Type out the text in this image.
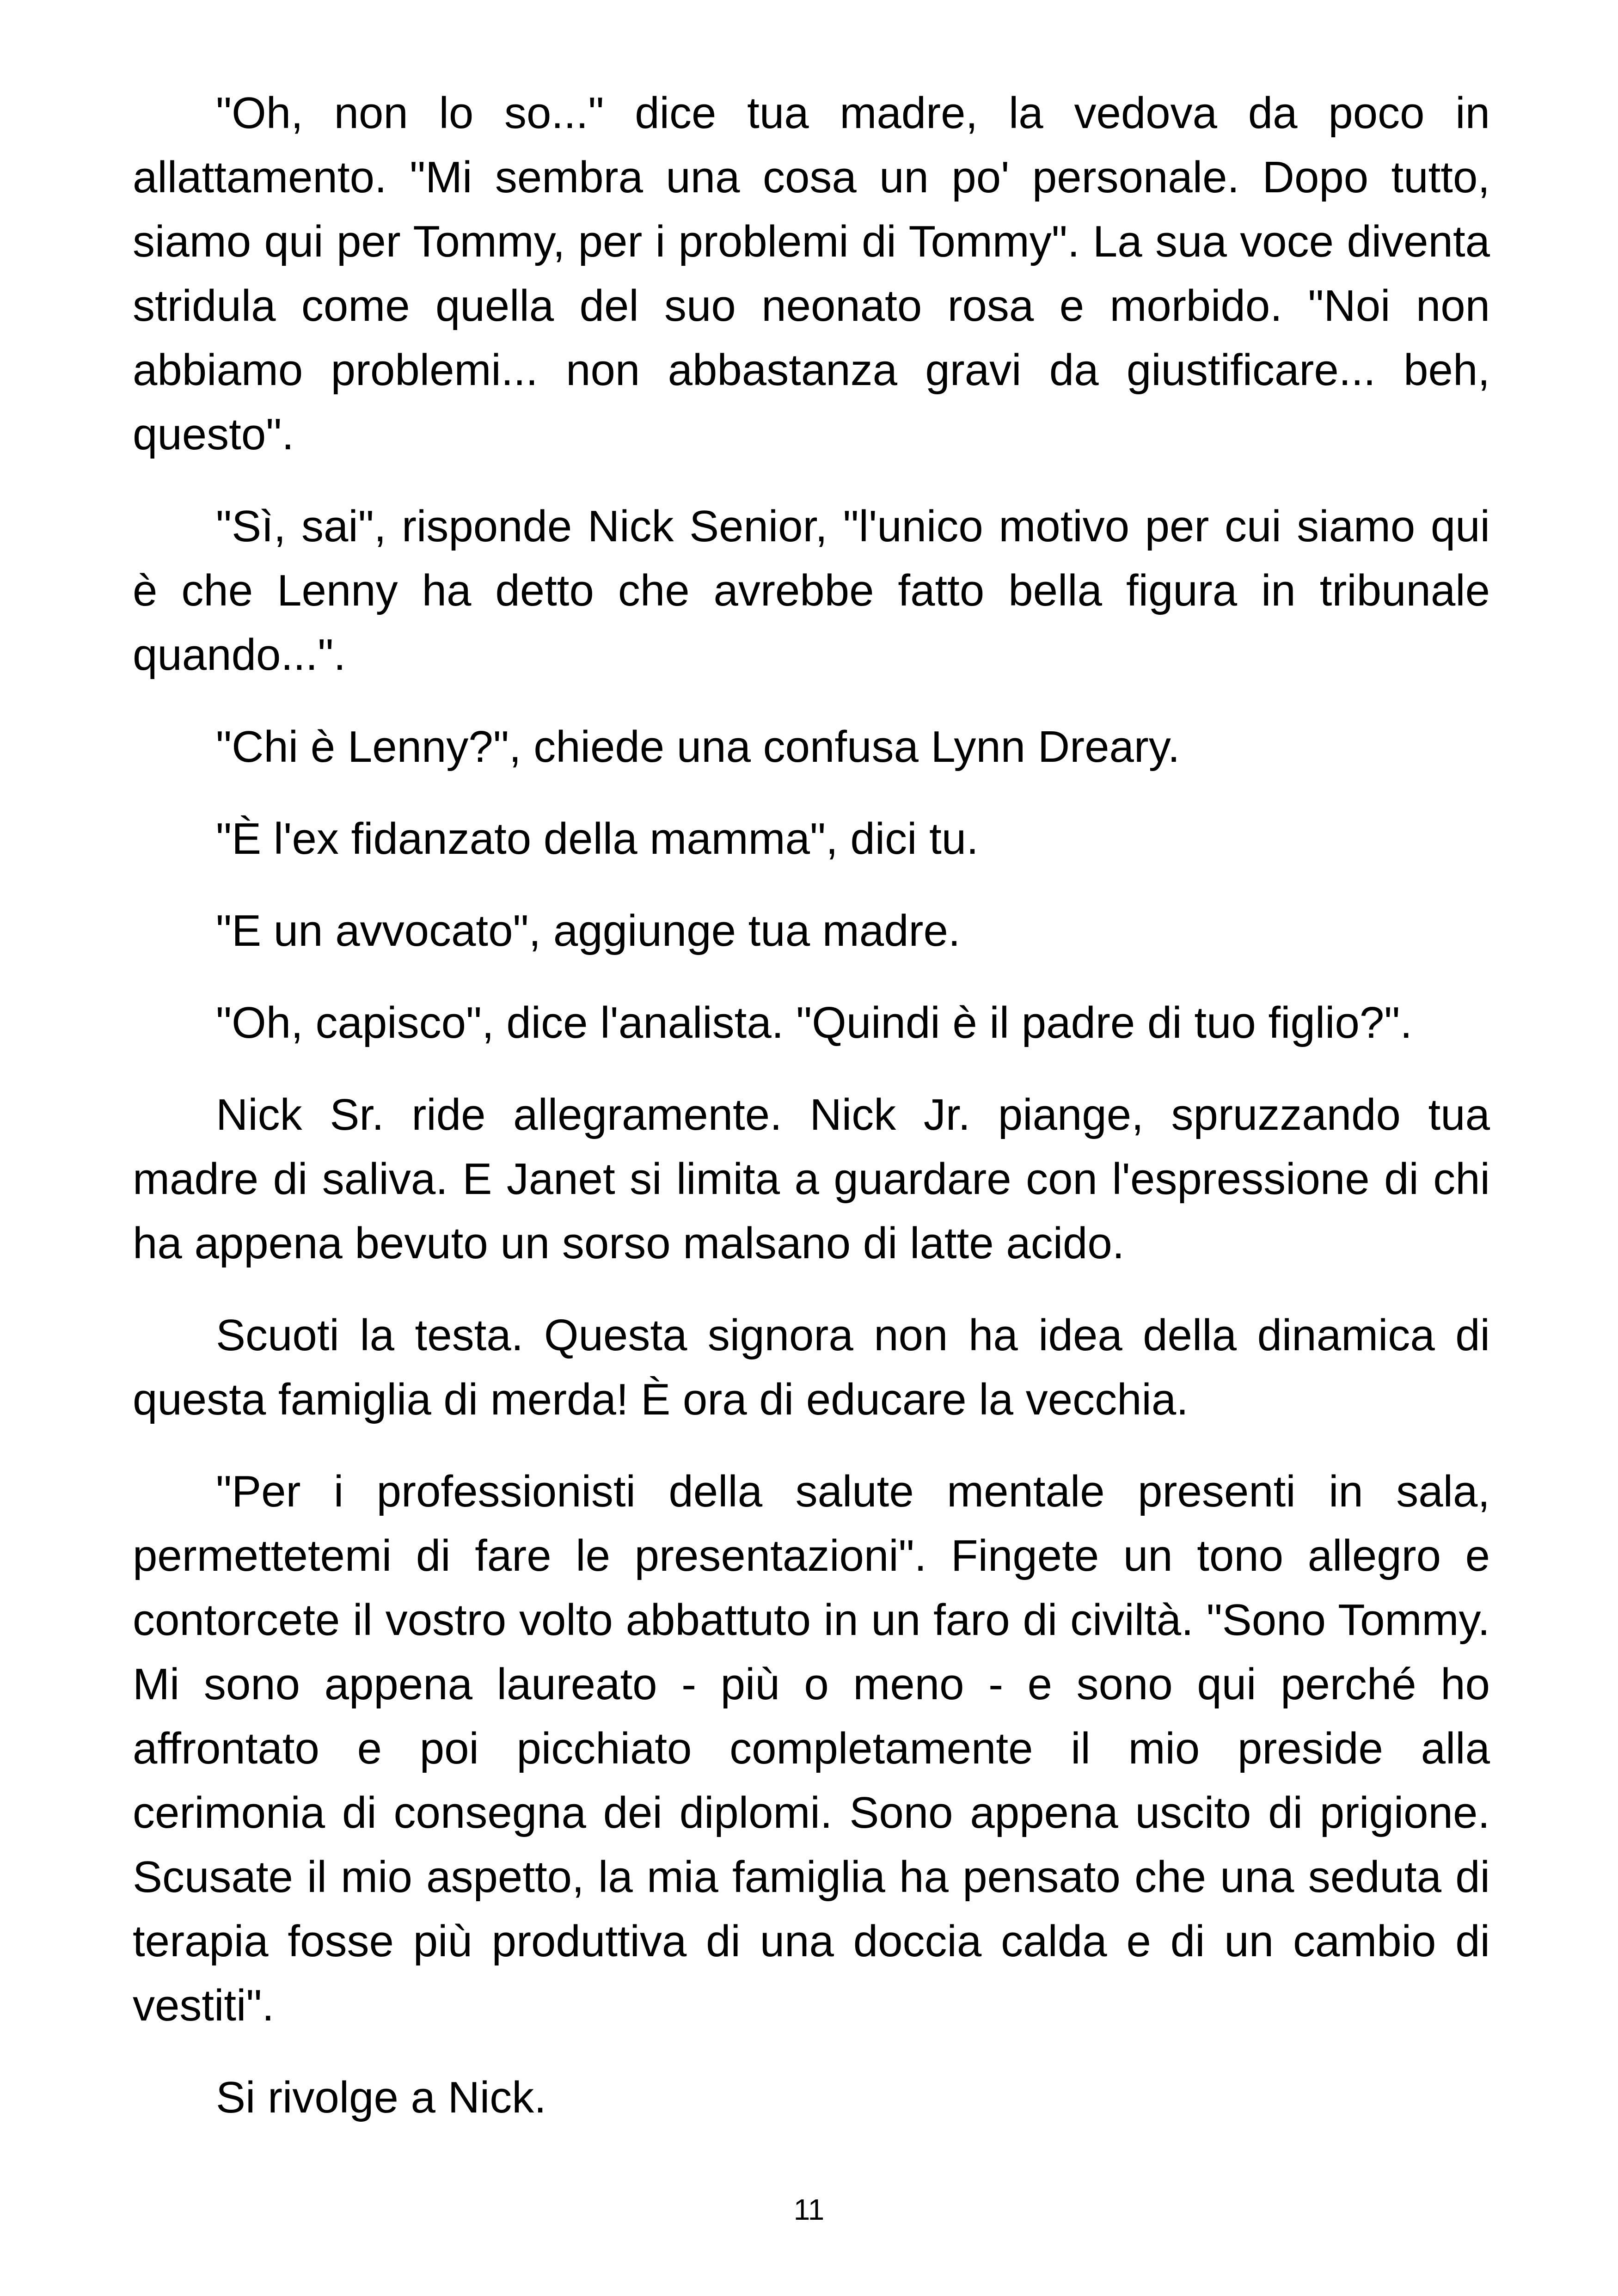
"Oh, non lo so..." dice tua madre, la vedova da poco in allattamento. "Mi sembra una cosa un po' personale. Dopo tutto, siamo qui per Tommy, per i problemi di Tommy". La sua voce diventa stridula come quella del suo neonato rosa e morbido. "Noi non abbiamo problemi... non abbastanza gravi da giustificare... beh, questo".

"Sì, sai", risponde Nick Senior, "l'unico motivo per cui siamo qui è che Lenny ha detto che avrebbe fatto bella figura in tribunale quando...".

"Chi è Lenny?", chiede una confusa Lynn Dreary.

"È l'ex fidanzato della mamma", dici tu.

"E un avvocato", aggiunge tua madre.

"Oh, capisco", dice l'analista. "Quindi è il padre di tuo figlio?".

Nick Sr. ride allegramente. Nick Jr. piange, spruzzando tua madre di saliva. E Janet si limita a guardare con l'espressione di chi ha appena bevuto un sorso malsano di latte acido.

Scuoti la testa. Questa signora non ha idea della dinamica di questa famiglia di merda! È ora di educare la vecchia.

"Per i professionisti della salute mentale presenti in sala, permettetemi di fare le presentazioni". Fingete un tono allegro e contorcete il vostro volto abbattuto in un faro di civiltà. "Sono Tommy. Mi sono appena laureato - più o meno - e sono qui perché ho affrontato e poi picchiato completamente il mio preside alla cerimonia di consegna dei diplomi. Sono appena uscito di prigione. Scusate il mio aspetto, la mia famiglia ha pensato che una seduta di terapia fosse più produttiva di una doccia calda e di un cambio di vestiti".

Si rivolge a Nick.

11
